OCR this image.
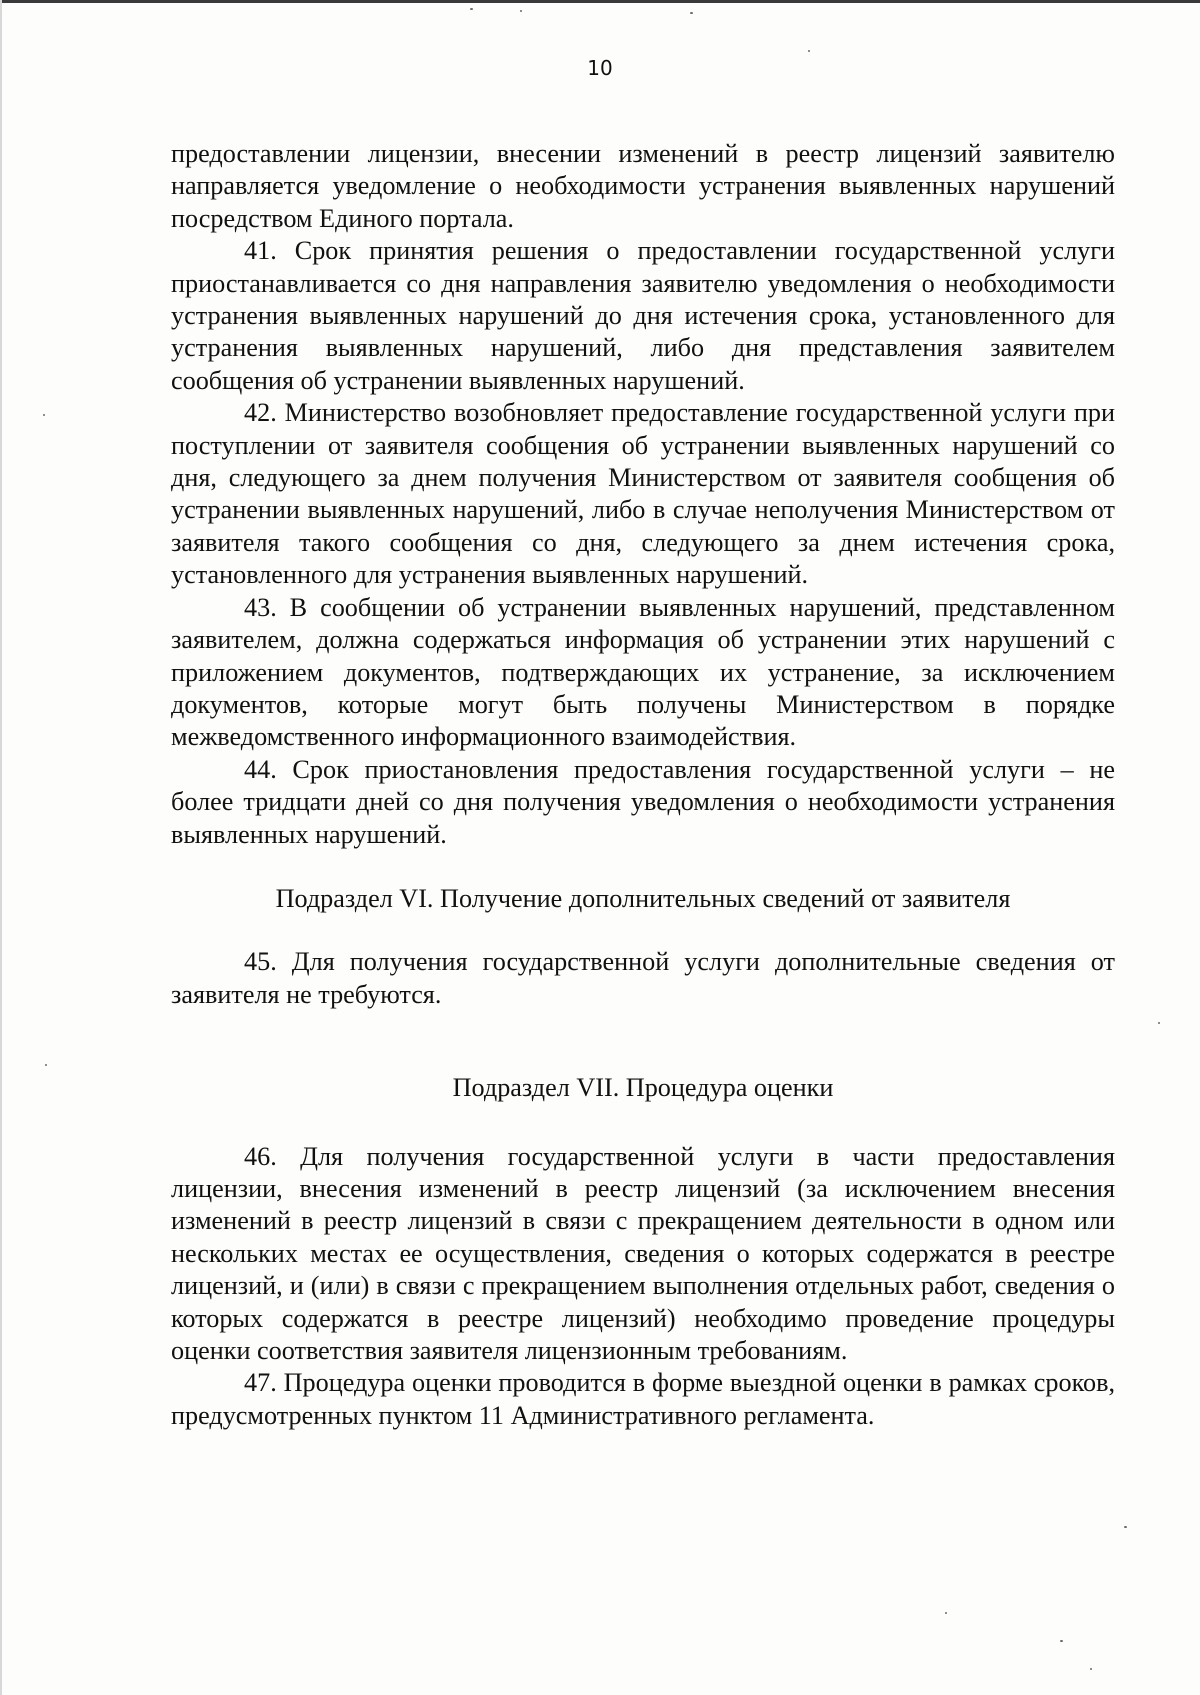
10

предоставлении лицензии, внесении изменений в реестр лицензий заявителю направляется уведомление о необходимости устранения выявленных нарушений посредством Единого портала.

41. Срок принятия решения о предоставлении государственной услуги приостанавливается со дня направления заявителю уведомления о необходимости устранения выявленных нарушений до дня истечения срока, установленного для устранения выявленных нарушений, либо дня представления заявителем сообщения об устранении выявленных нарушений.

42. Министерство возобновляет предоставление государственной услуги при поступлении от заявителя сообщения об устранении выявленных нарушений со дня, следующего за днем получения Министерством от заявителя сообщения об устранении выявленных нарушений, либо в случае неполучения Министерством от заявителя такого сообщения со дня, следующего за днем истечения срока, установленного для устранения выявленных нарушений.

43. В сообщении об устранении выявленных нарушений, представленном заявителем, должна содержаться информация об устранении этих нарушений с приложением документов, подтверждающих их устранение, за исключением документов, которые могут быть получены Министерством в порядке межведомственного информационного взаимодействия.

44. Срок приостановления предоставления государственной услуги – не более тридцати дней со дня получения уведомления о необходимости устранения выявленных нарушений.

Подраздел VI. Получение дополнительных сведений от заявителя

45. Для получения государственной услуги дополнительные сведения от заявителя не требуются.

Подраздел VII. Процедура оценки

46. Для получения государственной услуги в части предоставления лицензии, внесения изменений в реестр лицензий (за исключением внесения изменений в реестр лицензий в связи с прекращением деятельности в одном или нескольких местах ее осуществления, сведения о которых содержатся в реестре лицензий, и (или) в связи с прекращением выполнения отдельных работ, сведения о которых содержатся в реестре лицензий) необходимо проведение процедуры оценки соответствия заявителя лицензионным требованиям.

47. Процедура оценки проводится в форме выездной оценки в рамках сроков, предусмотренных пунктом 11 Административного регламента.
